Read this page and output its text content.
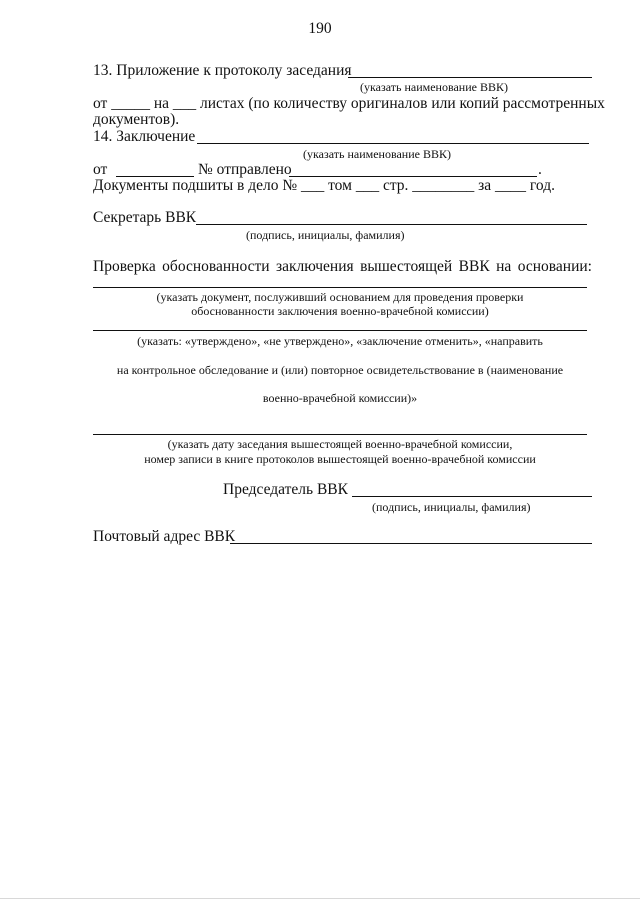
190
13. Приложение к протоколу заседания
(указать наименование ВВК)
от _____ на ___ листах (по количеству оригиналов или копий рассмотренных
документов).
14. Заключение
(указать наименование ВВК)
от	№ отправлено	.
Документы подшиты в дело № ___ том ___ стр. ________ за ____ год.
Секретарь ВВК
(подпись, инициалы, фамилия)
Проверка обоснованности заключения вышестоящей ВВК на основании:
(указать документ, послуживший основанием для проведения проверки
обоснованности заключения военно-врачебной комиссии)
(указать: «утверждено», «не утверждено», «заключение отменить», «направить
на контрольное обследование и (или) повторное освидетельствование в (наименование
военно-врачебной комиссии)»
(указать дату заседания вышестоящей военно-врачебной комиссии,
номер записи в книге протоколов вышестоящей военно-врачебной комиссии
Председатель ВВК
(подпись, инициалы, фамилия)
Почтовый адрес ВВК
